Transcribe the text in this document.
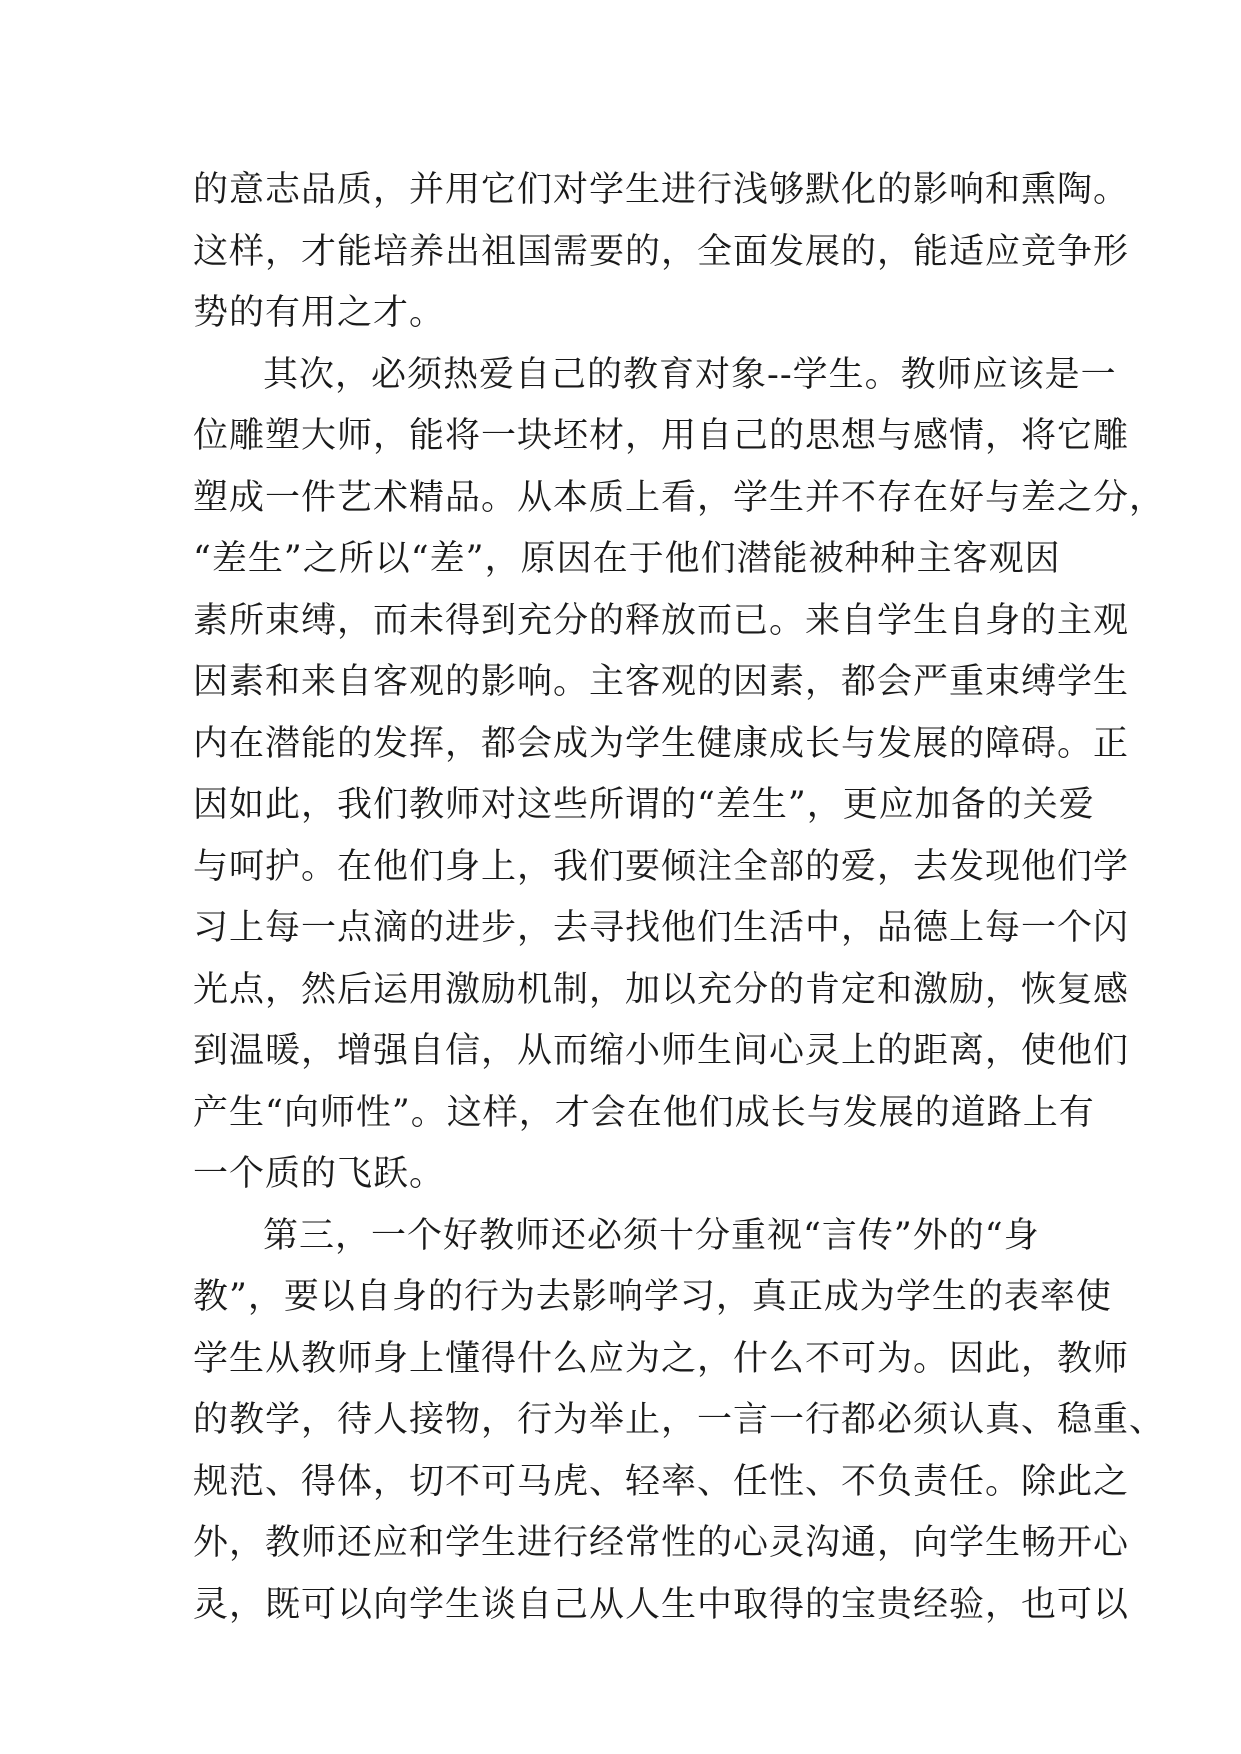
的意志品质，并用它们对学生进行浅够默化的影响和熏陶。
这样，才能培养出祖国需要的，全面发展的，能适应竞争形
势的有用之才。
其次，必须热爱自己的教育对象--学生。教师应该是一
位雕塑大师，能将一块坯材，用自己的思想与感情，将它雕
塑成一件艺术精品。从本质上看，学生并不存在好与差之分，
“差生”之所以“差”，原因在于他们潜能被种种主客观因
素所束缚，而未得到充分的释放而已。来自学生自身的主观
因素和来自客观的影响。主客观的因素，都会严重束缚学生
内在潜能的发挥，都会成为学生健康成长与发展的障碍。正
因如此，我们教师对这些所谓的“差生”，更应加备的关爱
与呵护。在他们身上，我们要倾注全部的爱，去发现他们学
习上每一点滴的进步，去寻找他们生活中，品德上每一个闪
光点，然后运用激励机制，加以充分的肯定和激励，恢复感
到温暖，增强自信，从而缩小师生间心灵上的距离，使他们
产生“向师性”。这样，才会在他们成长与发展的道路上有
一个质的飞跃。
第三，一个好教师还必须十分重视“言传”外的“身
教”，要以自身的行为去影响学习，真正成为学生的表率使
学生从教师身上懂得什么应为之，什么不可为。因此，教师
的教学，待人接物，行为举止，一言一行都必须认真、稳重、
规范、得体，切不可马虎、轻率、任性、不负责任。除此之
外，教师还应和学生进行经常性的心灵沟通，向学生畅开心
灵，既可以向学生谈自己从人生中取得的宝贵经验，也可以
